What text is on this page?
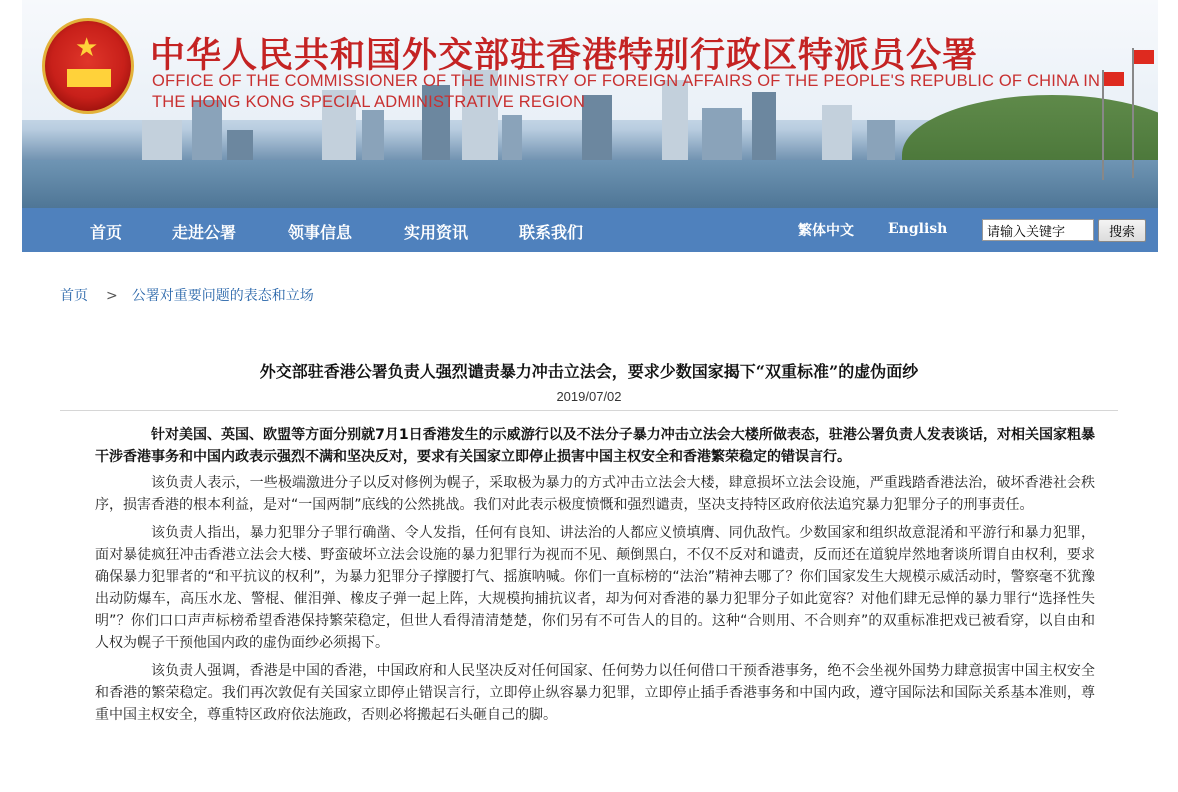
★ 中华人民共和国外交部驻香港特别行政区特派员公署
OFFICE OF THE COMMISSIONER OF THE MINISTRY OF FOREIGN AFFAIRS OF THE PEOPLE'S REPUBLIC OF CHINA IN
THE HONG KONG SPECIAL ADMINISTRATIVE REGION
首页	走进公署	领事信息	实用资讯	联系我们	繁体中文 English
请输入关键字	搜索
首页 > 公署对重要问题的表态和立场
外交部驻香港公署负责人强烈谴责暴力冲击立法会，要求少数国家揭下“双重标准”的虚伪面纱
2019/07/02

针对美国、英国、欧盟等方面分别就7月1日香港发生的示威游行以及不法分子暴力冲击立法会大楼所做表态，驻港公署负责人发表谈话，对相关国家粗暴干涉香港事务和中国内政表示强烈不满和坚决反对，要求有关国家立即停止损害中国主权安全和香港繁荣稳定的错误言行。

该负责人表示，一些极端激进分子以反对修例为幌子，采取极为暴力的方式冲击立法会大楼，肆意损坏立法会设施，严重践踏香港法治，破坏香港社会秩序，损害香港的根本利益，是对“一国两制”底线的公然挑战。我们对此表示极度愤慨和强烈谴责，坚决支持特区政府依法追究暴力犯罪分子的刑事责任。

该负责人指出，暴力犯罪分子罪行确凿、令人发指，任何有良知、讲法治的人都应义愤填膺、同仇敌忾。少数国家和组织故意混淆和平游行和暴力犯罪，面对暴徒疯狂冲击香港立法会大楼、野蛮破坏立法会设施的暴力犯罪行为视而不见、颠倒黑白，不仅不反对和谴责，反而还在道貌岸然地奢谈所谓自由权利，要求确保暴力犯罪者的“和平抗议的权利”，为暴力犯罪分子撑腰打气、摇旗呐喊。你们一直标榜的“法治”精神去哪了？你们国家发生大规模示威活动时，警察毫不犹豫出动防爆车，高压水龙、警棍、催泪弹、橡皮子弹一起上阵，大规模拘捕抗议者，却为何对香港的暴力犯罪分子如此宽容？对他们肆无忌惮的暴力罪行“选择性失明”？你们口口声声标榜希望香港保持繁荣稳定，但世人看得清清楚楚，你们另有不可告人的目的。这种“合则用、不合则弃”的双重标准把戏已被看穿，以自由和人权为幌子干预他国内政的虚伪面纱必须揭下。

该负责人强调，香港是中国的香港，中国政府和人民坚决反对任何国家、任何势力以任何借口干预香港事务，绝不会坐视外国势力肆意损害中国主权安全和香港的繁荣稳定。我们再次敦促有关国家立即停止错误言行，立即停止纵容暴力犯罪，立即停止插手香港事务和中国内政，遵守国际法和国际关系基本准则，尊重中国主权安全，尊重特区政府依法施政，否则必将搬起石头砸自己的脚。
